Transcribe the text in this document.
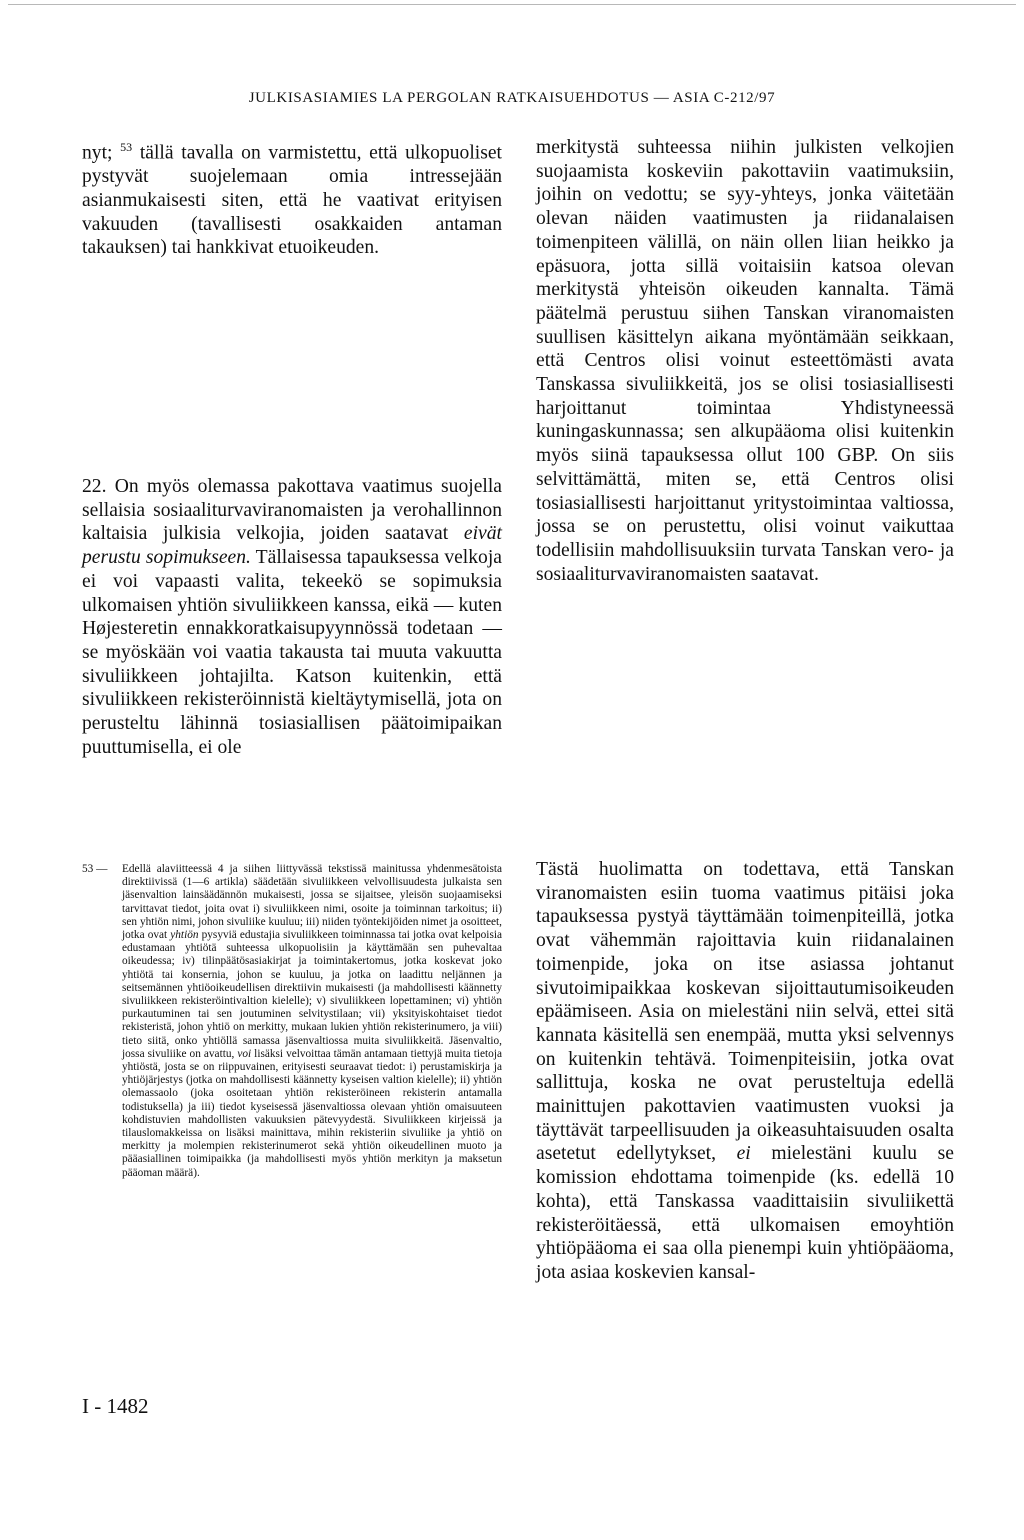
JULKISASIAMIES LA PERGOLAN RATKAISUEHDOTUS — ASIA C-212/97

nyt; $^{53}$ tällä tavalla on varmistettu, että ulkopuoliset pystyvät suojelemaan omia intressejään asianmukaisesti siten, että he vaativat erityisen vakuuden (tavallisesti osakkaiden antaman takauksen) tai hankkivat etuoikeuden.

22. On myös olemassa pakottava vaatimus suojella sellaisia sosiaaliturvaviranomaisten ja verohallinnon kaltaisia julkisia velkojia, joiden saatavat eivät perustu sopimukseen. Tällaisessa tapauksessa velkoja ei voi vapaasti valita, tekeekö se sopimuksia ulkomaisen yhtiön sivuliikkeen kanssa, eikä — kuten Højesteretin ennakkoratkaisupyynnössä todetaan — se myöskään voi vaatia takausta tai muuta vakuutta sivuliikkeen johtajilta. Katson kuitenkin, että sivuliikkeen rekisteröinnistä kieltäytymisellä, jota on perusteltu lähinnä tosiasiallisen päätoimipaikan puuttumisella, ei ole

merkitystä suhteessa niihin julkisten velkojien suojaamista koskeviin pakottaviin vaatimuksiin, joihin on vedottu; se syy-yhteys, jonka väitetään olevan näiden vaatimusten ja riidanalaisen toimenpiteen välillä, on näin ollen liian heikko ja epäsuora, jotta sillä voitaisiin katsoa olevan merkitystä yhteisön oikeuden kannalta. Tämä päätelmä perustuu siihen Tanskan viranomaisten suullisen käsittelyn aikana myöntämään seikkaan, että Centros olisi voinut esteettömästi avata Tanskassa sivuliikkeitä, jos se olisi tosiasiallisesti harjoittanut toimintaa Yhdistyneessä kuningaskunnassa; sen alkupääoma olisi kuitenkin myös siinä tapauksessa ollut 100 GBP. On siis selvittämättä, miten se, että Centros olisi tosiasiallisesti harjoittanut yritystoimintaa valtiossa, jossa se on perustettu, olisi voinut vaikuttaa todellisiin mahdollisuuksiin turvata Tanskan vero- ja sosiaaliturvaviranomaisten saatavat.

Tästä huolimatta on todettava, että Tanskan viranomaisten esiin tuoma vaatimus pitäisi joka tapauksessa pystyä täyttämään toimenpiteillä, jotka ovat vähemmän rajoittavia kuin riidanalainen toimenpide, joka on itse asiassa johtanut sivutoimipaikkaa koskevan sijoittautumisoikeuden epäämiseen. Asia on mielestäni niin selvä, ettei sitä kannata käsitellä sen enempää, mutta yksi selvennys on kuitenkin tehtävä. Toimenpiteisiin, jotka ovat sallittuja, koska ne ovat perusteltuja edellä mainittujen pakottavien vaatimusten vuoksi ja täyttävät tarpeellisuuden ja oikeasuhtaisuuden osalta asetetut edellytykset, ei mielestäni kuulu se komission ehdottama toimenpide (ks. edellä 10 kohta), että Tanskassa vaadittaisiin sivuliikettä rekisteröitäessä, että ulkomaisen emoyhtiön yhtiöpääoma ei saa olla pienempi kuin yhtiöpääoma, jota asiaa koskevien kansal-

53 —	Edellä alaviitteessä 4 ja siihen liittyvässä tekstissä mainitussa yhdenmesätoista direktiivissä (1—6 artikla) säädetään sivuliikkeen velvollisuudesta julkaista sen jäsenvaltion lainsäädännön mukaisesti, jossa se sijaitsee, yleisön suojaamiseksi tarvittavat tiedot, joita ovat i) sivuliikkeen nimi, osoite ja toiminnan tarkoitus; ii) sen yhtiön nimi, johon sivuliike kuuluu; iii) niiden työntekijöiden nimet ja osoitteet, jotka ovat yhtiön pysyviä edustajia sivuliikkeen toiminnassa tai jotka ovat kelpoisia edustamaan yhtiötä suhteessa ulkopuolisiin ja käyttämään sen puhevaltaa oikeudessa; iv) tilinpäätösasiakirjat ja toimintakertomus, jotka koskevat joko yhtiötä tai konsernia, johon se kuuluu, ja jotka on laadittu neljännen ja seitsemännen yhtiöoikeudellisen direktiivin mukaisesti (ja mahdollisesti käännetty sivuliikkeen rekisteröintivaltion kielelle); v) sivuliikkeen lopettaminen; vi) yhtiön purkautuminen tai sen joutuminen selvitystilaan; vii) yksityiskohtaiset tiedot rekisteristä, johon yhtiö on merkitty, mukaan lukien yhtiön rekisterinumero, ja viii) tieto siitä, onko yhtiöllä samassa jäsenvaltiossa muita sivuliikkeitä. Jäsenvaltio, jossa sivuliike on avattu, voi lisäksi velvoittaa tämän antamaan tiettyjä muita tietoja yhtiöstä, josta se on riippuvainen, erityisesti seuraavat tiedot: i) perustamiskirja ja yhtiöjärjestys (jotka on mahdollisesti käännetty kyseisen valtion kielelle); ii) yhtiön olemassaolo (joka osoitetaan yhtiön rekisteröineen rekisterin antamalla todistuksella) ja iii) tiedot kyseisessä jäsenvaltiossa olevaan yhtiön omaisuuteen kohdistuvien mahdollisten vakuuksien pätevyydestä. Sivuliikkeen kirjeissä ja tilauslomakkeissa on lisäksi mainittava, mihin rekisteriin sivuliike ja yhtiö on merkitty ja molempien rekisterinumerot sekä yhtiön oikeudellinen muoto ja pääasiallinen toimipaikka (ja mahdollisesti myös yhtiön merkityn ja maksetun pääoman määrä).
I - 1482
